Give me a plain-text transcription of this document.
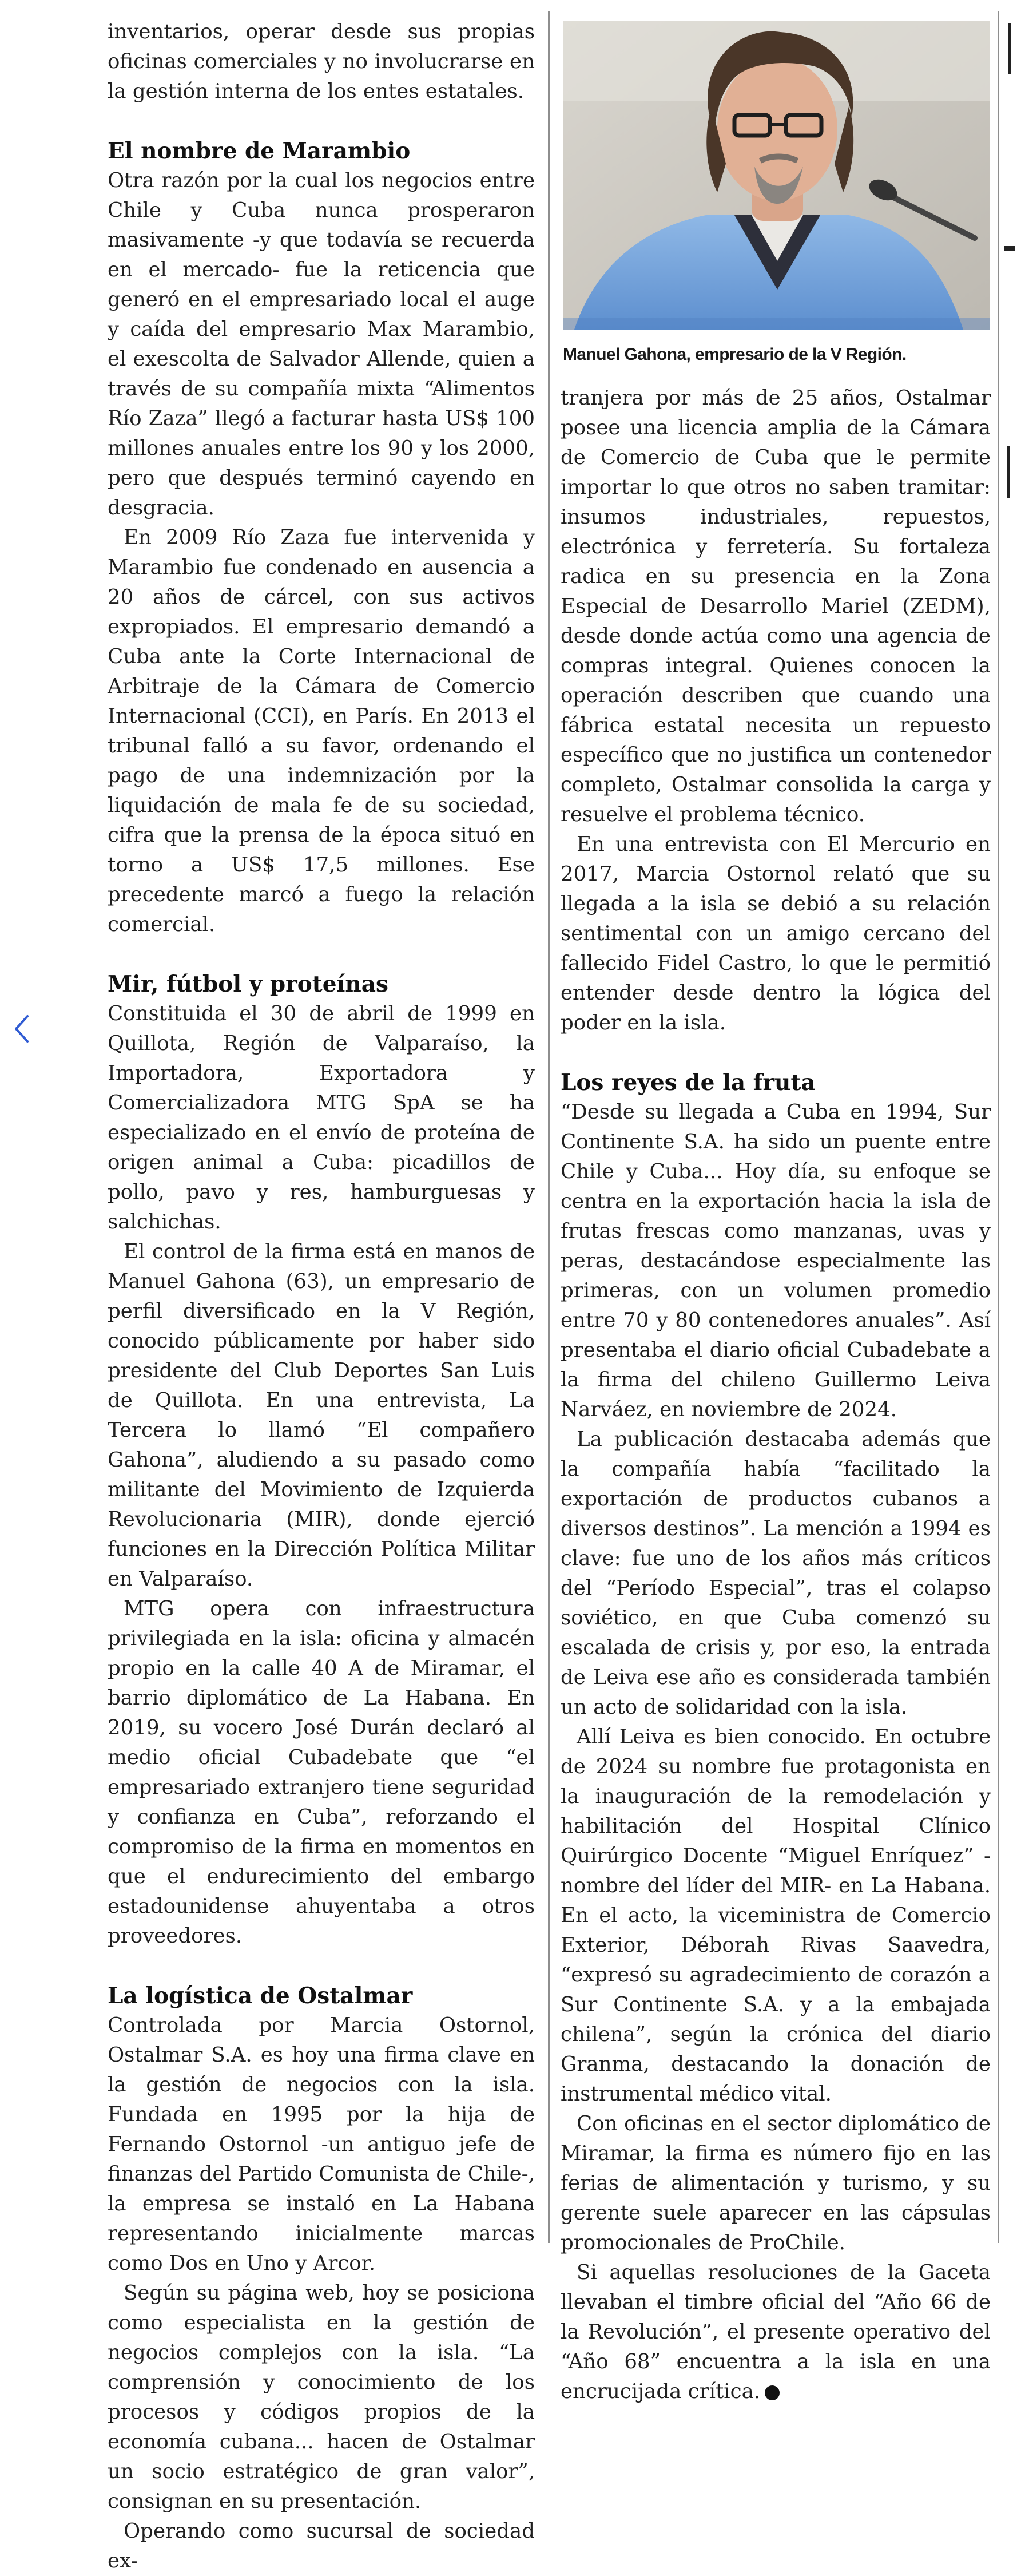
inventarios, operar desde sus propias oficinas comerciales y no involucrarse en la gestión interna de los entes estatales.

El nombre de Marambio

Otra razón por la cual los negocios entre Chile y Cuba nunca prosperaron masivamente -y que todavía se recuerda en el mercado- fue la reticencia que generó en el empresariado local el auge y caída del empresario Max Marambio, el exescolta de Salvador Allende, quien a través de su compañía mixta “Alimentos Río Zaza” llegó a facturar hasta US$ 100 millones anuales entre los 90 y los 2000, pero que después terminó cayendo en desgracia.

En 2009 Río Zaza fue intervenida y Marambio fue condenado en ausencia a 20 años de cárcel, con sus activos expropiados. El empresario demandó a Cuba ante la Corte Internacional de Arbitraje de la Cámara de Comercio Internacional (CCI), en París. En 2013 el tribunal falló a su favor, ordenando el pago de una indemnización por la liquidación de mala fe de su sociedad, cifra que la prensa de la época situó en torno a US$ 17,5 millones. Ese precedente marcó a fuego la relación comercial.

Mir, fútbol y proteínas

Constituida el 30 de abril de 1999 en Quillota, Región de Valparaíso, la Importadora, Exportadora y Comercializadora MTG SpA se ha especializado en el envío de proteína de origen animal a Cuba: picadillos de pollo, pavo y res, hamburguesas y salchichas.

El control de la firma está en manos de Manuel Gahona (63), un empresario de perfil diversificado en la V Región, conocido públicamente por haber sido presidente del Club Deportes San Luis de Quillota. En una entrevista, La Tercera lo llamó “El compañero Gahona”, aludiendo a su pasado como militante del Movimiento de Izquierda Revolucionaria (MIR), donde ejerció funciones en la Dirección Política Militar en Valparaíso.

MTG opera con infraestructura privilegiada en la isla: oficina y almacén propio en la calle 40 A de Miramar, el barrio diplomático de La Habana. En 2019, su vocero José Durán declaró al medio oficial Cubadebate que “el empresariado extranjero tiene seguridad y confianza en Cuba”, reforzando el compromiso de la firma en momentos en que el endurecimiento del embargo estadounidense ahuyentaba a otros proveedores.

La logística de Ostalmar

Controlada por Marcia Ostornol, Ostalmar S.A. es hoy una firma clave en la gestión de negocios con la isla. Fundada en 1995 por la hija de Fernando Ostornol -un antiguo jefe de finanzas del Partido Comunista de Chile-, la empresa se instaló en La Habana representando inicialmente marcas como Dos en Uno y Arcor.

Según su página web, hoy se posiciona como especialista en la gestión de negocios complejos con la isla. “La comprensión y conocimiento de los procesos y códigos propios de la economía cubana... hacen de Ostalmar un socio estratégico de gran valor”, consignan en su presentación.

Operando como sucursal de sociedad ex-

Manuel Gahona, empresario de la V Región.

tranjera por más de 25 años, Ostalmar posee una licencia amplia de la Cámara de Comercio de Cuba que le permite importar lo que otros no saben tramitar: insumos industriales, repuestos, electrónica y ferretería. Su fortaleza radica en su presencia en la Zona Especial de Desarrollo Mariel (ZEDM), desde donde actúa como una agencia de compras integral. Quienes conocen la operación describen que cuando una fábrica estatal necesita un repuesto específico que no justifica un contenedor completo, Ostalmar consolida la carga y resuelve el problema técnico.

En una entrevista con El Mercurio en 2017, Marcia Ostornol relató que su llegada a la isla se debió a su relación sentimental con un amigo cercano del fallecido Fidel Castro, lo que le permitió entender desde dentro la lógica del poder en la isla.

Los reyes de la fruta

“Desde su llegada a Cuba en 1994, Sur Continente S.A. ha sido un puente entre Chile y Cuba... Hoy día, su enfoque se centra en la exportación hacia la isla de frutas frescas como manzanas, uvas y peras, destacándose especialmente las primeras, con un volumen promedio entre 70 y 80 contenedores anuales”. Así presentaba el diario oficial Cubadebate a la firma del chileno Guillermo Leiva Narváez, en noviembre de 2024.

La publicación destacaba además que la compañía había “facilitado la exportación de productos cubanos a diversos destinos”. La mención a 1994 es clave: fue uno de los años más críticos del “Período Especial”, tras el colapso soviético, en que Cuba comenzó su escalada de crisis y, por eso, la entrada de Leiva ese año es considerada también un acto de solidaridad con la isla.

Allí Leiva es bien conocido. En octubre de 2024 su nombre fue protagonista en la inauguración de la remodelación y habilitación del Hospital Clínico Quirúrgico Docente “Miguel Enríquez” -nombre del líder del MIR- en La Habana. En el acto, la viceministra de Comercio Exterior, Déborah Rivas Saavedra, “expresó su agradecimiento de corazón a Sur Continente S.A. y a la embajada chilena”, según la crónica del diario Granma, destacando la donación de instrumental médico vital.

Con oficinas en el sector diplomático de Miramar, la firma es número fijo en las ferias de alimentación y turismo, y su gerente suele aparecer en las cápsulas promocionales de ProChile.

Si aquellas resoluciones de la Gaceta llevaban el timbre oficial del “Año 66 de la Revolución”, el presente operativo del “Año 68” encuentra a la isla en una encrucijada crítica. P
